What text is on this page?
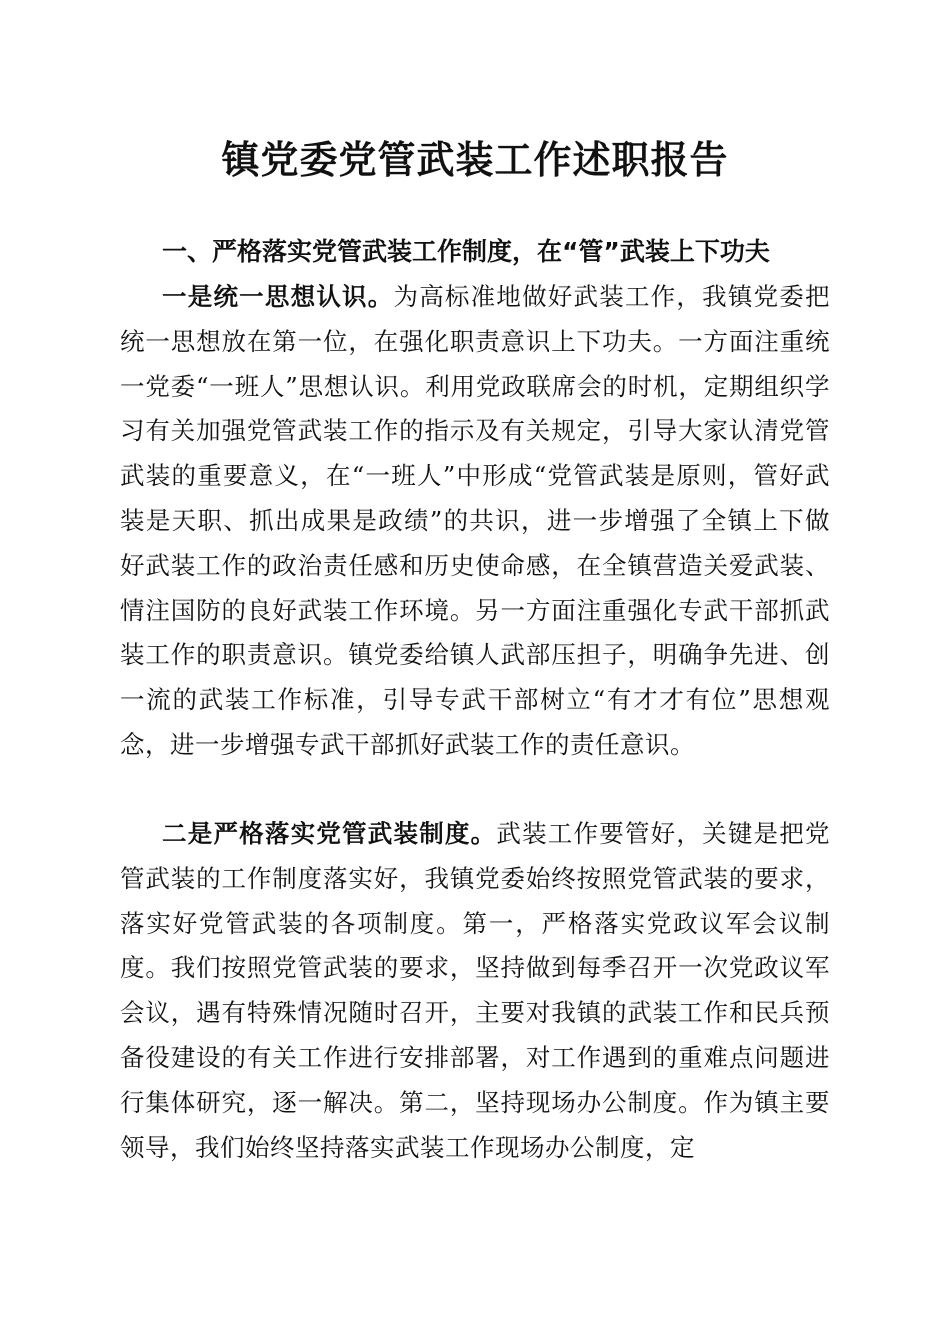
镇党委党管武装工作述职报告
一、严格落实党管武装工作制度，在“管”武装上下功夫

一是统一思想认识。为高标准地做好武装工作，我镇党委把统一思想放在第一位，在强化职责意识上下功夫。一方面注重统一党委“一班人”思想认识。利用党政联席会的时机，定期组织学习有关加强党管武装工作的指示及有关规定，引导大家认清党管武装的重要意义，在“一班人”中形成“党管武装是原则，管好武装是天职、抓出成果是政绩”的共识，进一步增强了全镇上下做好武装工作的政治责任感和历史使命感，在全镇营造关爱武装、情注国防的良好武装工作环境。另一方面注重强化专武干部抓武装工作的职责意识。镇党委给镇人武部压担子，明确争先进、创一流的武装工作标准，引导专武干部树立“有才才有位”思想观念，进一步增强专武干部抓好武装工作的责任意识。

二是严格落实党管武装制度。武装工作要管好，关键是把党管武装的工作制度落实好，我镇党委始终按照党管武装的要求，落实好党管武装的各项制度。第一，严格落实党政议军会议制度。我们按照党管武装的要求，坚持做到每季召开一次党政议军会议，遇有特殊情况随时召开，主要对我镇的武装工作和民兵预备役建设的有关工作进行安排部署，对工作遇到的重难点问题进行集体研究，逐一解决。第二，坚持现场办公制度。作为镇主要领导，我们始终坚持落实武装工作现场办公制度，定
